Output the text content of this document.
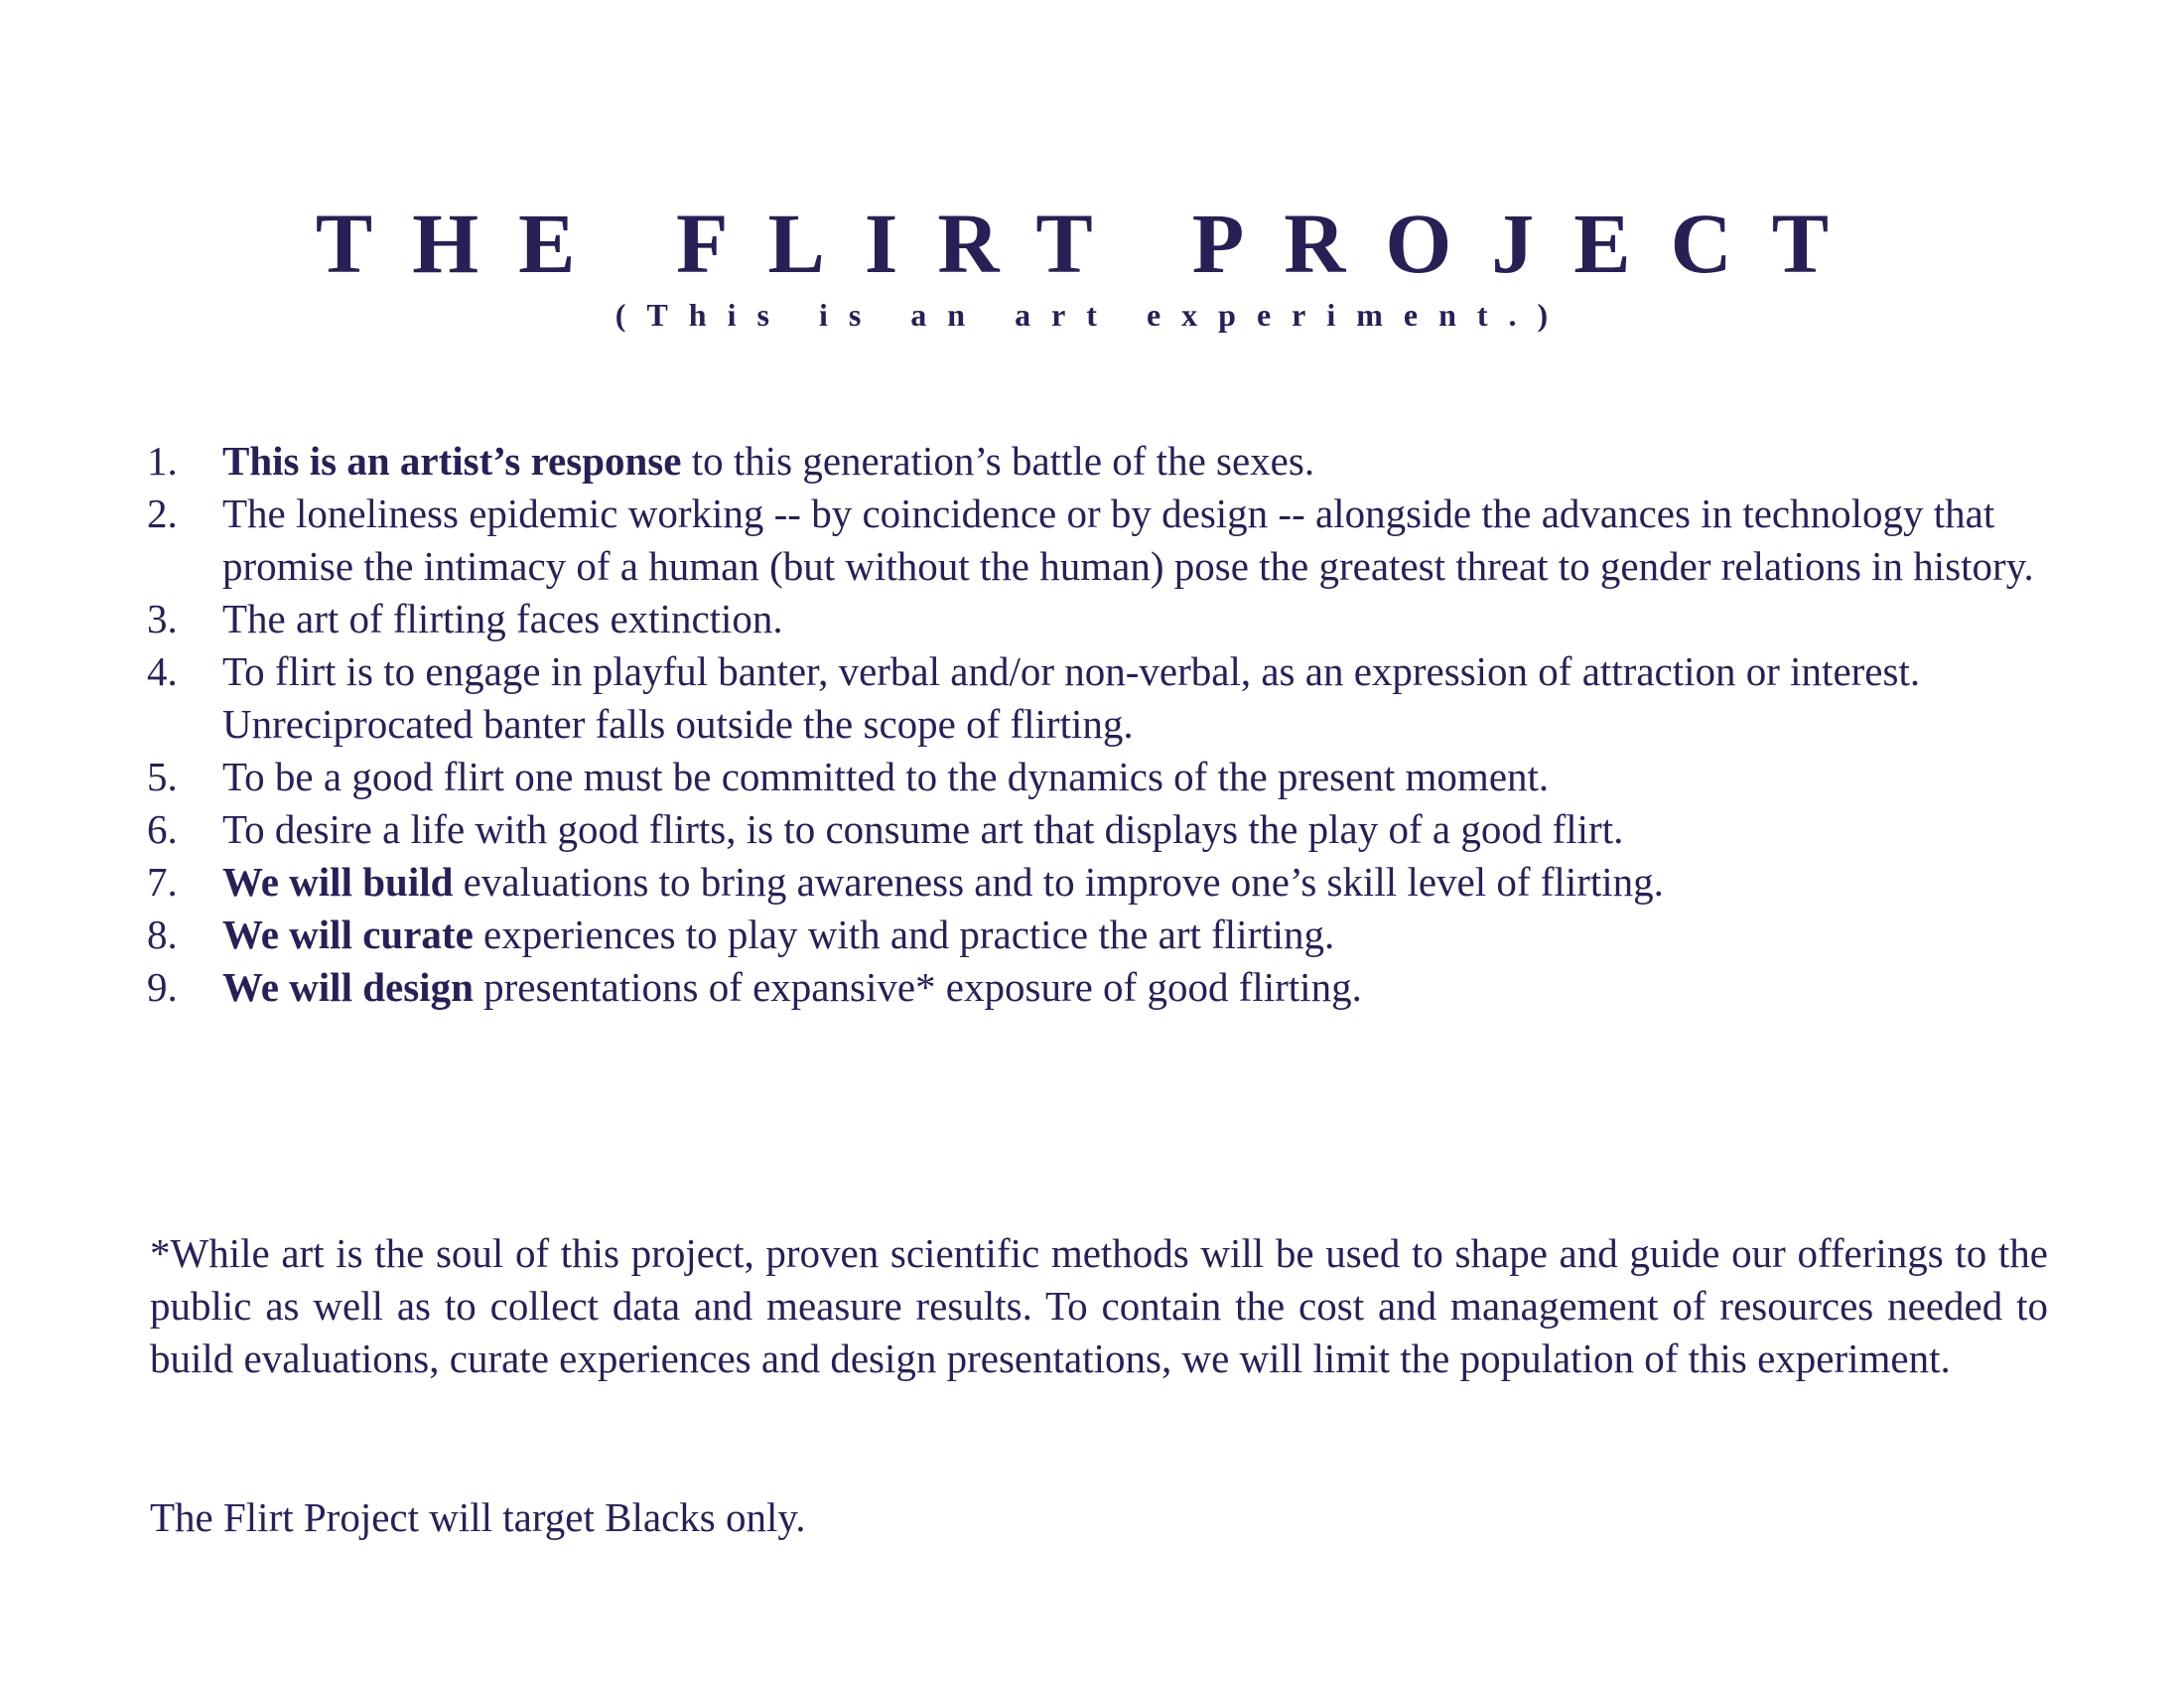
THE FLIRT PROJECT
(This is an art experiment.)
1.	This is an artist’s response to this generation’s battle of the sexes.
2.	The loneliness epidemic working -- by coincidence or by design -- alongside the advances in technology that promise the intimacy of a human (but without the human) pose the greatest threat to gender relations in history.
3.	The art of flirting faces extinction.
4.	To flirt is to engage in playful banter, verbal and/or non-verbal, as an expression of attraction or interest. Unreciprocated banter falls outside the scope of flirting.
5.	To be a good flirt one must be committed to the dynamics of the present moment.
6.	To desire a life with good flirts, is to consume art that displays the play of a good flirt.
7.	We will build evaluations to bring awareness and to improve one’s skill level of flirting.
8.	We will curate experiences to play with and practice the art flirting.
9.	We will design presentations of expansive* exposure of good flirting.

*While art is the soul of this project, proven scientific methods will be used to shape and guide our offerings to the public as well as to collect data and measure results. To contain the cost and management of resources needed to build evaluations, curate experiences and design presentations, we will limit the population of this experiment.

The Flirt Project will target Blacks only.
